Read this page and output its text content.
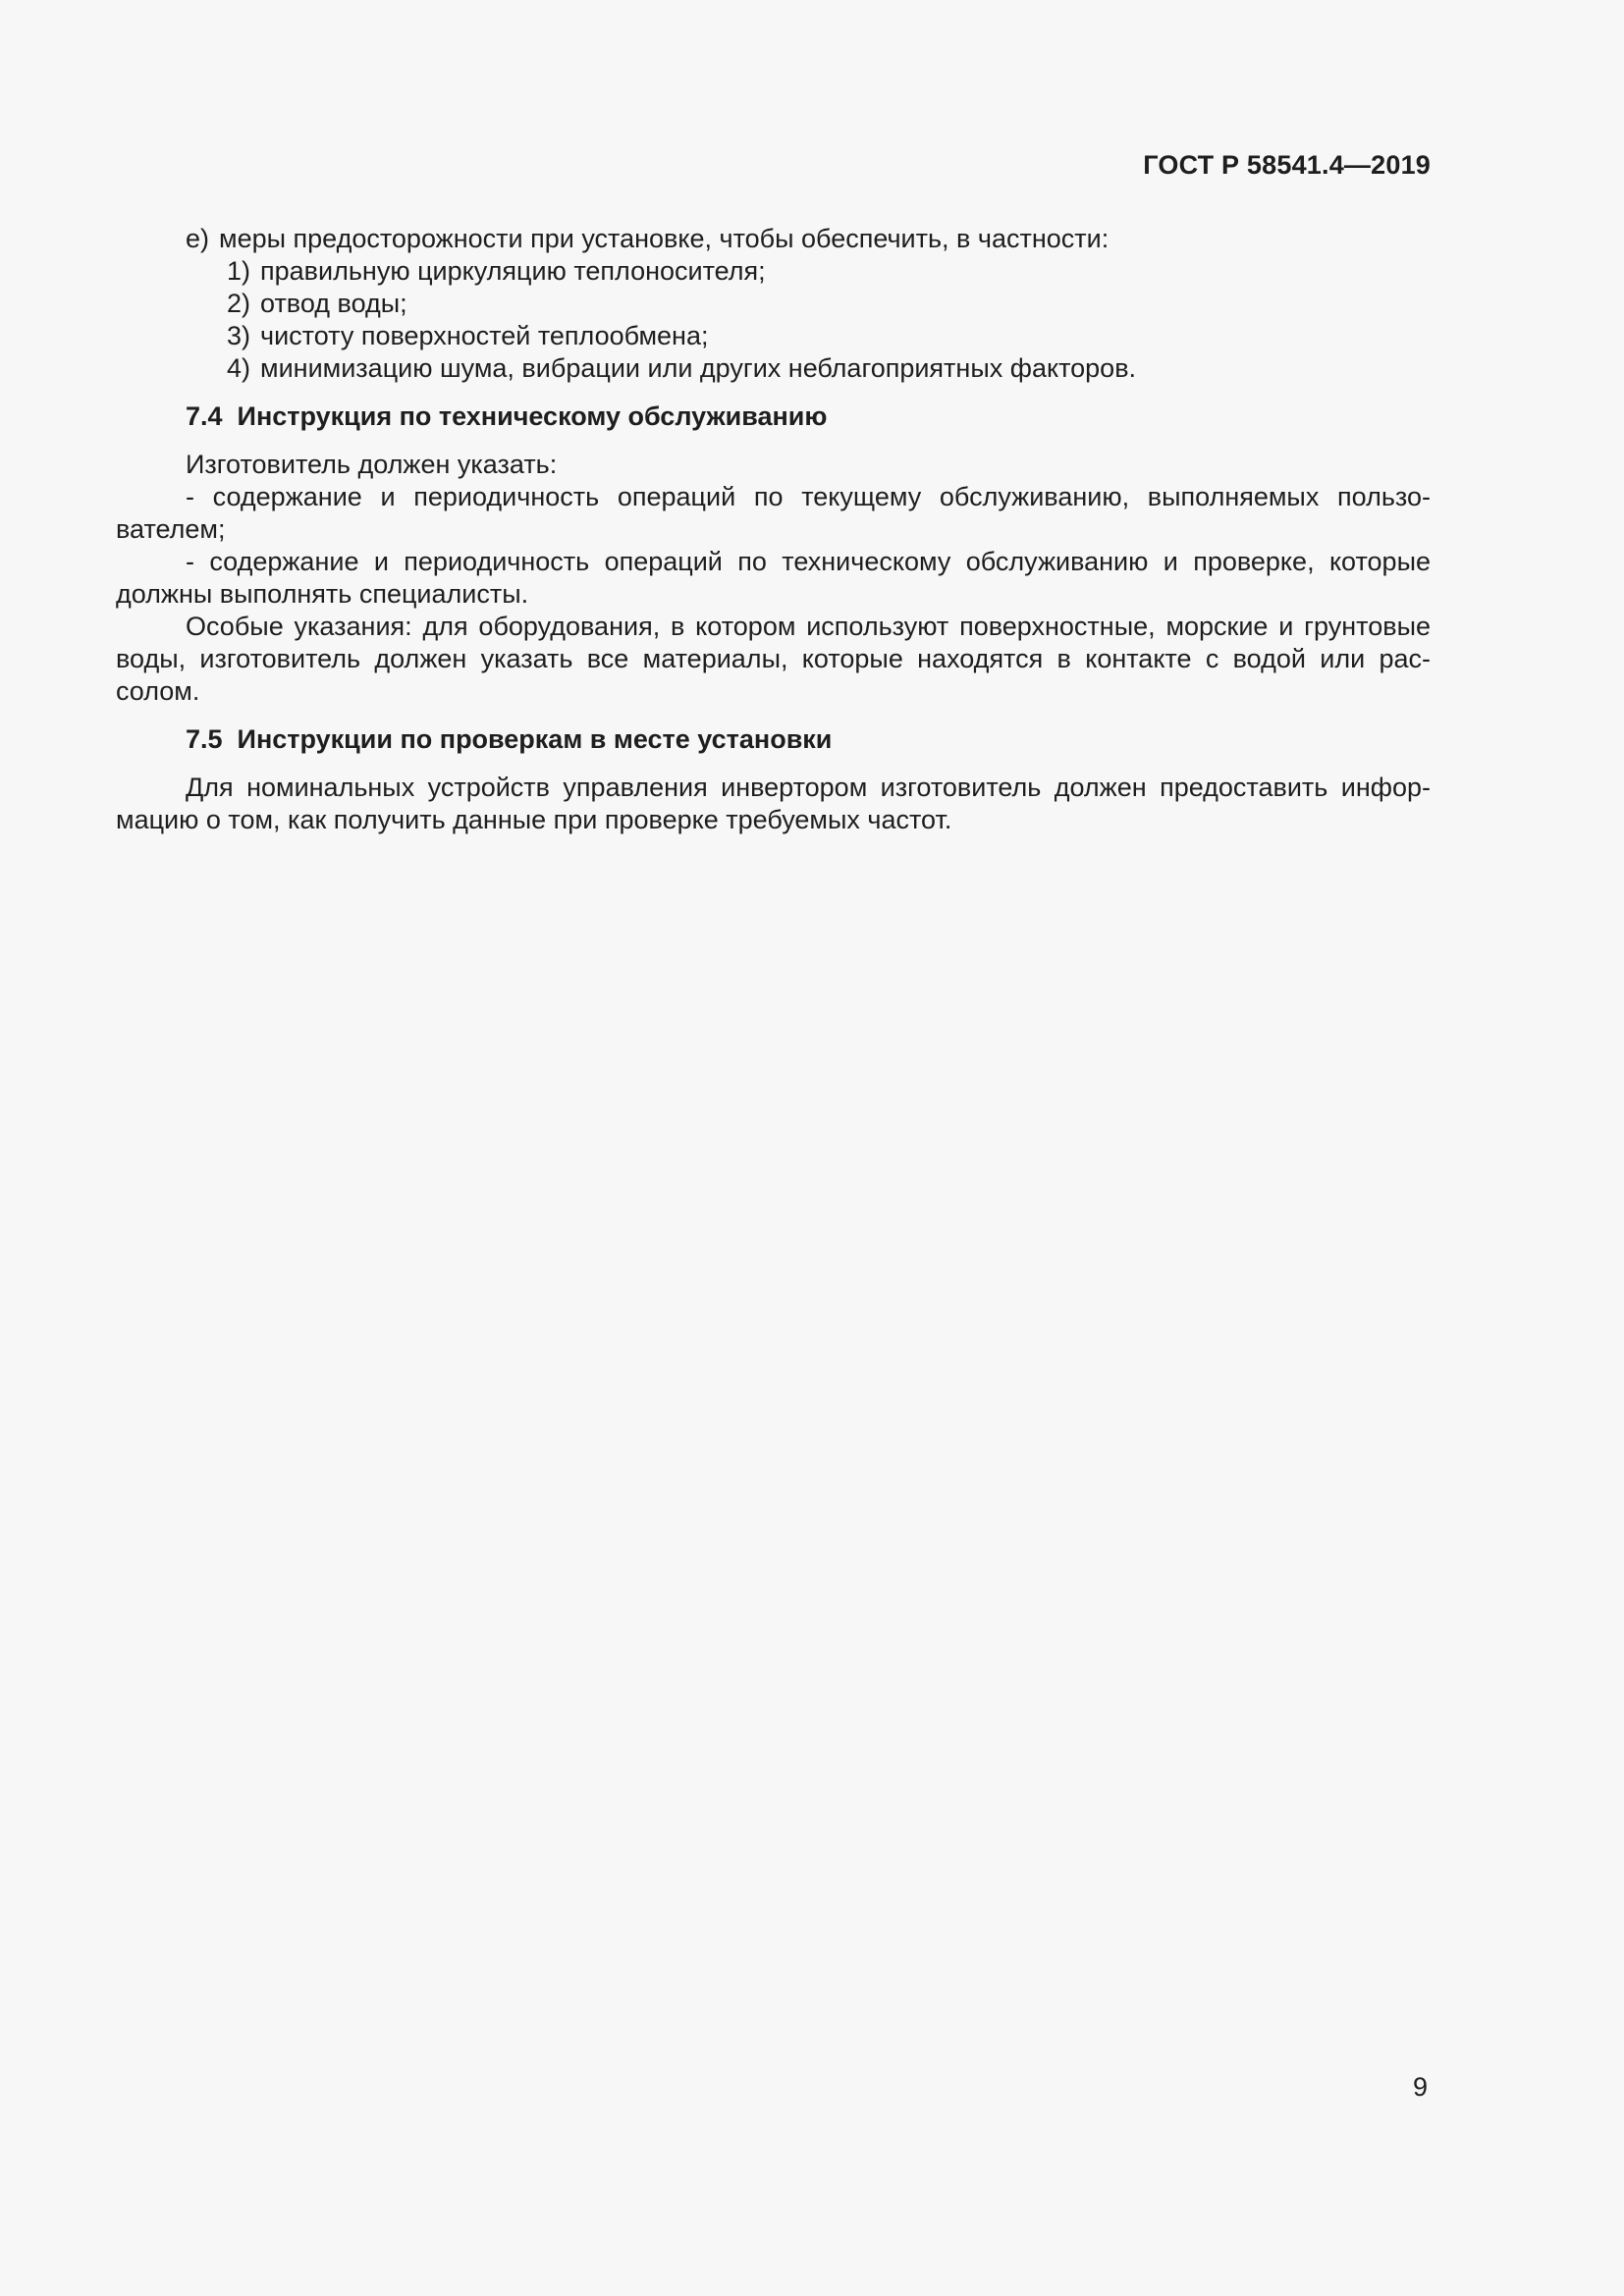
ГОСТ Р 58541.4—2019

е) меры предосторожности при установке, чтобы обеспечить, в частности:

1) правильную циркуляцию теплоносителя;

2) отвод воды;

3) чистоту поверхностей теплообмена;

4) минимизацию шума, вибрации или других неблагоприятных факторов.

7.4  Инструкция по техническому обслуживанию

Изготовитель должен указать:

- содержание и периодичность операций по текущему обслуживанию, выполняемых пользо-

вателем;

- содержание и периодичность операций по техническому обслуживанию и проверке, которые

должны выполнять специалисты.

Особые указания: для оборудования, в котором используют поверхностные, морские и грунтовые

воды, изготовитель должен указать все материалы, которые находятся в контакте с водой или рас-

солом.

7.5  Инструкции по проверкам в месте установки

Для номинальных устройств управления инвертором изготовитель должен предоставить инфор-

мацию о том, как получить данные при проверке требуемых частот.

9
